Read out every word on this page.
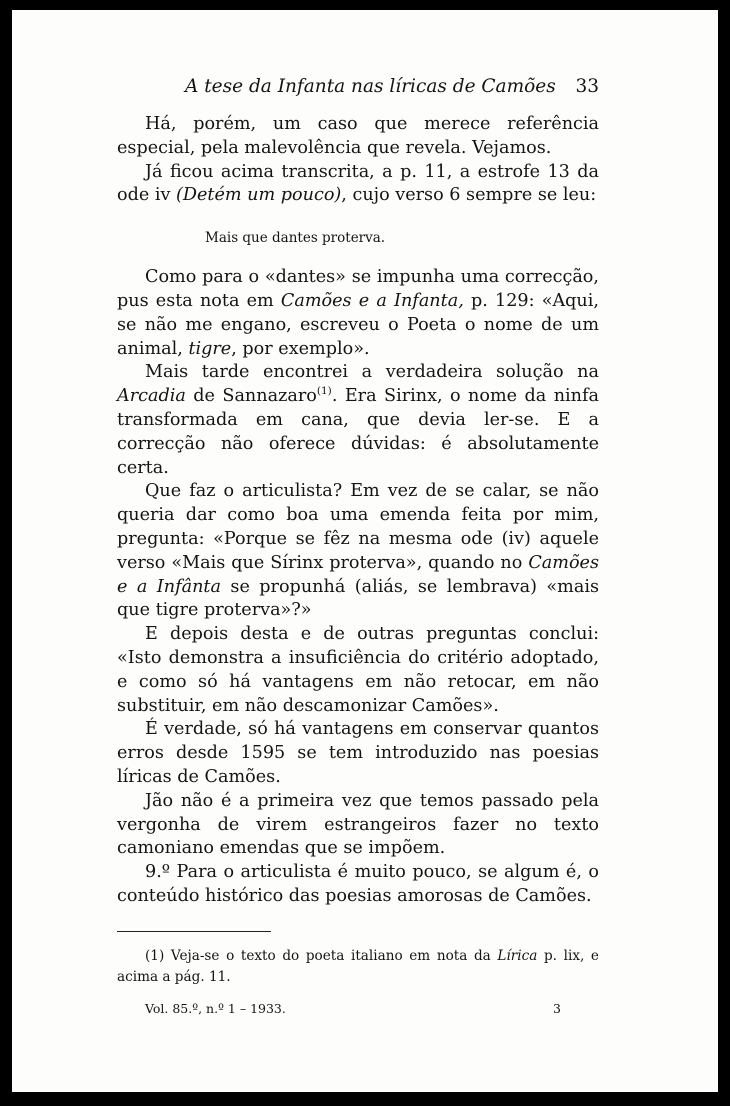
A tese da Infanta nas líricas de Camões 33

Há, porém, um caso que merece referência especial, pela malevolência que revela. Vejamos.

Já ficou acima transcrita, a p. 11, a estrofe 13 da ode iv (Detém um pouco), cujo verso 6 sempre se leu:

Mais que dantes proterva.

Como para o «dantes» se impunha uma correcção, pus esta nota em Camões e a Infanta, p. 129: «Aqui, se não me engano, escreveu o Poeta o nome de um animal, tigre, por exemplo».

Mais tarde encontrei a verdadeira solução na Arcadia de Sannazaro$^{(1)}$. Era Sirinx, o nome da ninfa transformada em cana, que devia ler-se. E a correcção não oferece dúvidas: é absolutamente certa.

Que faz o articulista? Em vez de se calar, se não queria dar como boa uma emenda feita por mim, pregunta: «Porque se fêz na mesma ode (iv) aquele verso «Mais que Sírinx proterva», quando no Camões e a Infânta se propunhá (aliás, se lembrava) «mais que tigre proterva»?»

E depois desta e de outras preguntas conclui: «Isto demonstra a insuficiência do critério adoptado, e como só há vantagens em não retocar, em não substituir, em não descamonizar Camões».

É verdade, só há vantagens em conservar quantos erros desde 1595 se tem introduzido nas poesias líricas de Camões.

Jão não é a primeira vez que temos passado pela vergonha de virem estrangeiros fazer no texto camoniano emendas que se impõem.

9.º Para o articulista é muito pouco, se algum é, o conteúdo histórico das poesias amorosas de Camões.

(1) Veja-se o texto do poeta italiano em nota da Lírica p. lix, e acima a pág. 11.

Vol. 85.º, n.º 1 – 1933.	3
